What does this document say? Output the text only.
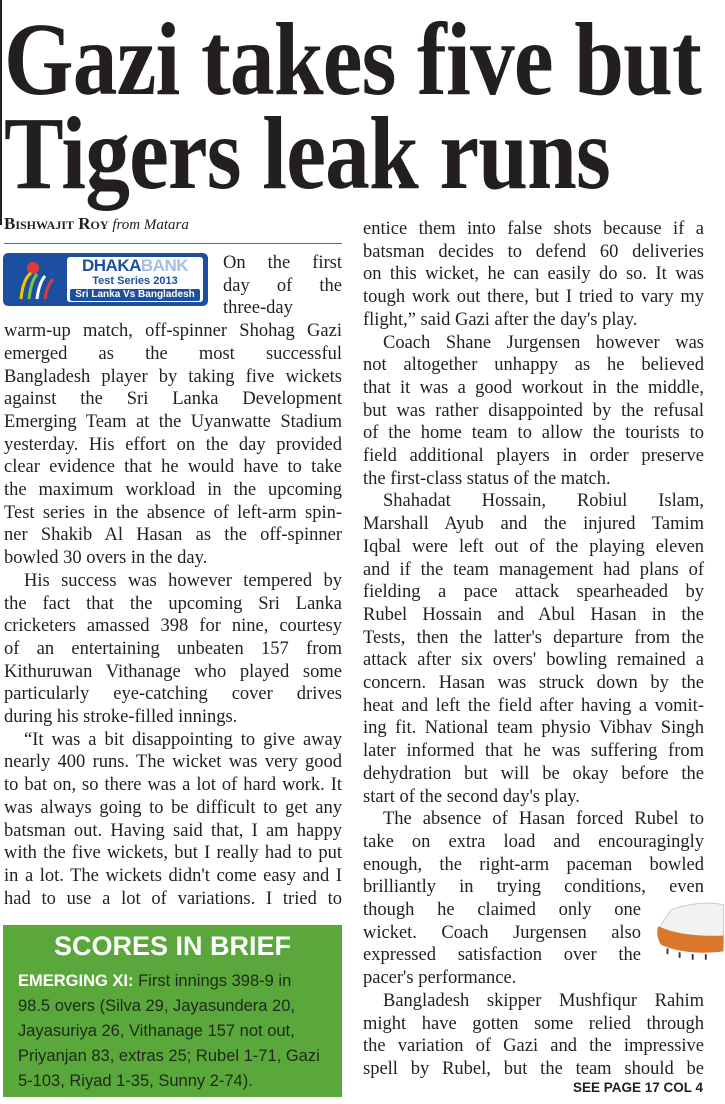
Gazi takes five but
Tigers leak runs
Bishwajit Roy from Matara
DHAKABANK
Test Series 2013
Sri Lanka Vs Bangladesh
On the first
day of the
three-day
warm-up match, off-spinner Shohag Gazi
emerged as the most successful
Bangladesh player by taking five wickets
against the Sri Lanka Development
Emerging Team at the Uyanwatte Stadium
yesterday. His effort on the day provided
clear evidence that he would have to take
the maximum workload in the upcoming
Test series in the absence of left-arm spin-
ner Shakib Al Hasan as the off-spinner
bowled 30 overs in the day.
His success was however tempered by
the fact that the upcoming Sri Lanka
cricketers amassed 398 for nine, courtesy
of an entertaining unbeaten 157 from
Kithuruwan Vithanage who played some
particularly eye-catching cover drives
during his stroke-filled innings.
“It was a bit disappointing to give away
nearly 400 runs. The wicket was very good
to bat on, so there was a lot of hard work. It
was always going to be difficult to get any
batsman out. Having said that, I am happy
with the five wickets, but I really had to put
in a lot. The wickets didn't come easy and I
had to use a lot of variations. I tried to
entice them into false shots because if a
batsman decides to defend 60 deliveries
on this wicket, he can easily do so. It was
tough work out there, but I tried to vary my
flight,” said Gazi after the day's play.
Coach Shane Jurgensen however was
not altogether unhappy as he believed
that it was a good workout in the middle,
but was rather disappointed by the refusal
of the home team to allow the tourists to
field additional players in order preserve
the first-class status of the match.
Shahadat Hossain, Robiul Islam,
Marshall Ayub and the injured Tamim
Iqbal were left out of the playing eleven
and if the team management had plans of
fielding a pace attack spearheaded by
Rubel Hossain and Abul Hasan in the
Tests, then the latter's departure from the
attack after six overs' bowling remained a
concern. Hasan was struck down by the
heat and left the field after having a vomit-
ing fit. National team physio Vibhav Singh
later informed that he was suffering from
dehydration but will be okay before the
start of the second day's play.
The absence of Hasan forced Rubel to
take on extra load and encouragingly
enough, the right-arm paceman bowled
brilliantly in trying conditions, even
though he claimed only one
wicket. Coach Jurgensen also
expressed satisfaction over the
pacer's performance.
Bangladesh skipper Mushfiqur Rahim
might have gotten some relied through
the variation of Gazi and the impressive
spell by Rubel, but the team should be
SCORES IN BRIEF
EMERGING XI: First innings 398-9 in
98.5 overs (Silva 29, Jayasundera 20,
Jayasuriya 26, Vithanage 157 not out,
Priyanjan 83, extras 25; Rubel 1-71, Gazi
5-103, Riyad 1-35, Sunny 2-74).	SEE PAGE 17 COL 4
